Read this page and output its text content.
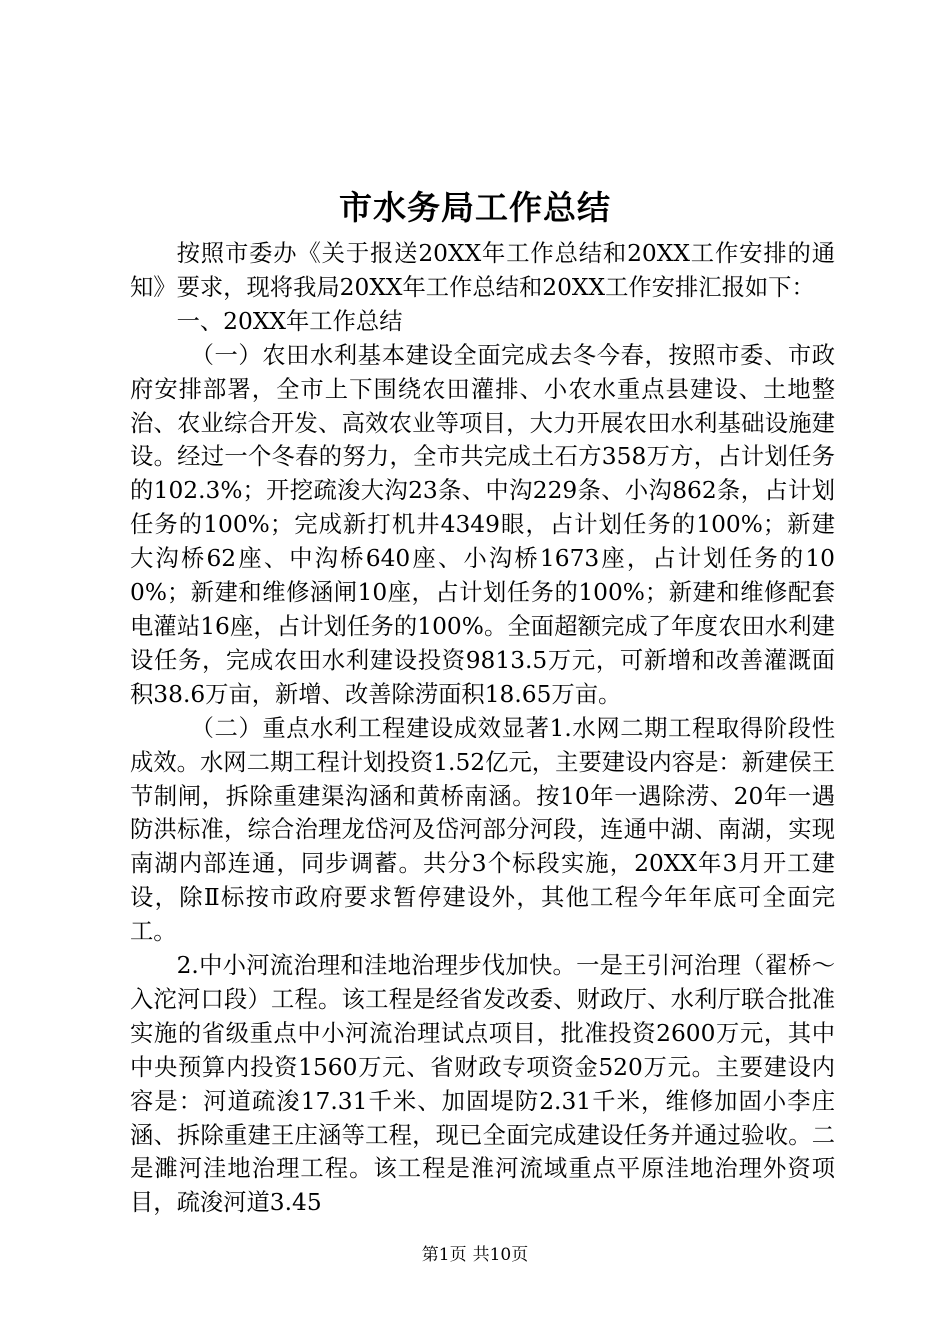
市水务局工作总结

按照市委办《关于报送20XX年工作总结和20XX工作安排的通知》要求，现将我局20XX年工作总结和20XX工作安排汇报如下：

一、20XX年工作总结

（一）农田水利基本建设全面完成去冬今春，按照市委、市政府安排部署，全市上下围绕农田灌排、小农水重点县建设、土地整治、农业综合开发、高效农业等项目，大力开展农田水利基础设施建设。经过一个冬春的努力，全市共完成土石方358万方，占计划任务的102.3%；开挖疏浚大沟23条、中沟229条、小沟862条，占计划任务的100%；完成新打机井4349眼，占计划任务的100%；新建大沟桥62座、中沟桥640座、小沟桥1673座，占计划任务的100%；新建和维修涵闸10座，占计划任务的100%；新建和维修配套电灌站16座，占计划任务的100%。全面超额完成了年度农田水利建设任务，完成农田水利建设投资9813.5万元，可新增和改善灌溉面积38.6万亩，新增、改善除涝面积18.65万亩。

（二）重点水利工程建设成效显著1.水网二期工程取得阶段性成效。水网二期工程计划投资1.52亿元，主要建设内容是：新建侯王节制闸，拆除重建渠沟涵和黄桥南涵。按10年一遇除涝、20年一遇防洪标准，综合治理龙岱河及岱河部分河段，连通中湖、南湖，实现南湖内部连通，同步调蓄。共分3个标段实施，20XX年3月开工建设，除Ⅱ标按市政府要求暂停建设外，其他工程今年年底可全面完工。

2.中小河流治理和洼地治理步伐加快。一是王引河治理（翟桥～入沱河口段）工程。该工程是经省发改委、财政厅、水利厅联合批准实施的省级重点中小河流治理试点项目，批准投资2600万元，其中中央预算内投资1560万元、省财政专项资金520万元。主要建设内容是：河道疏浚17.31千米、加固堤防2.31千米，维修加固小李庄涵、拆除重建王庄涵等工程，现已全面完成建设任务并通过验收。二是濉河洼地治理工程。该工程是淮河流域重点平原洼地治理外资项目，疏浚河道3.45

第1页 共10页
